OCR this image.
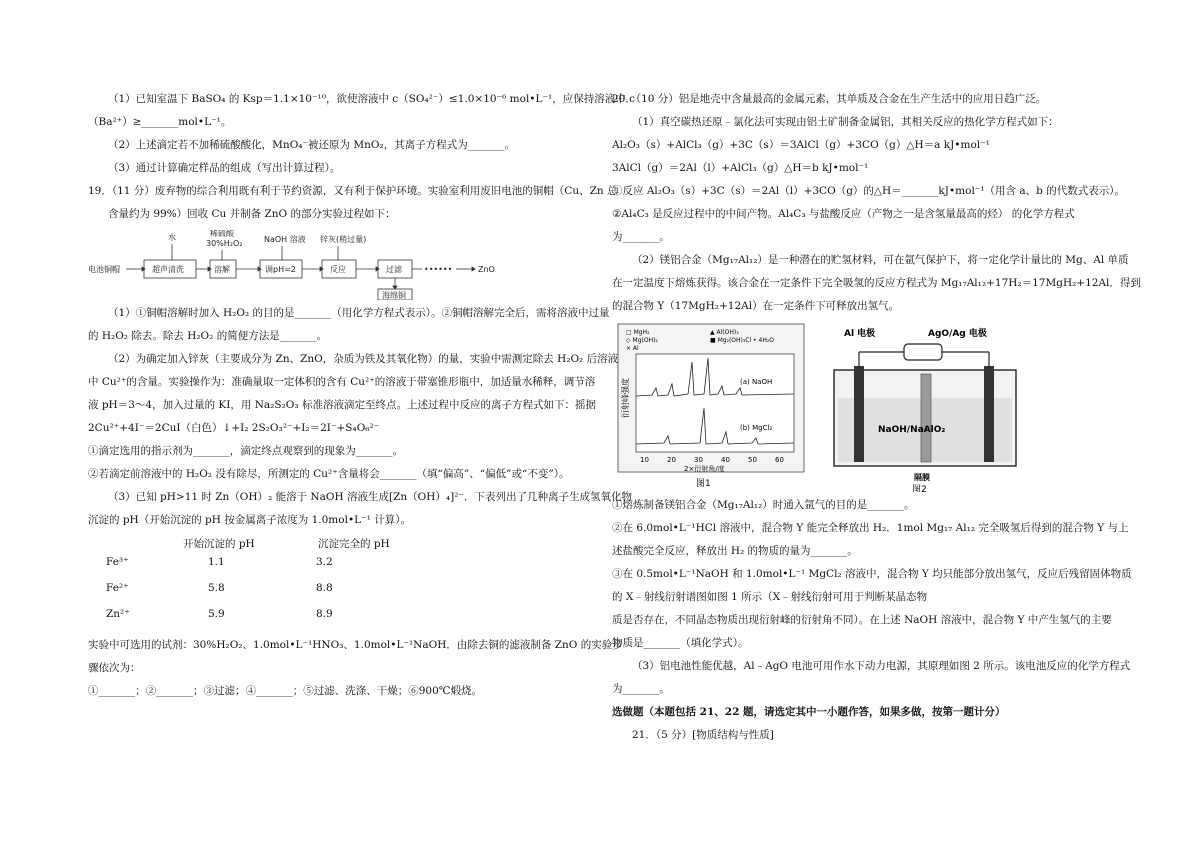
（1）已知室温下 BaSO₄ 的 Ksp＝1.1×10⁻¹⁰，欲使溶液中 c（SO₄²⁻）≤1.0×10⁻⁶ mol•L⁻¹，应保持溶液中 c
（Ba²⁺）≥_______mol•L⁻¹。
（2）上述滴定若不加稀硫酸酸化，MnO₄⁻被还原为 MnO₂，其离子方程式为_______。
（3）通过计算确定样品的组成（写出计算过程）。
19．（11 分）废弃物的综合利用既有利于节约资源，又有利于保护环境。实验室利用废旧电池的铜帽（Cu、Zn 总
含量约为 99%）回收 Cu 并制备 ZnO 的部分实验过程如下：
水	稀硫酸
30%H₂O₂	NaOH 溶液 锌灰(稍过量)
电池铜帽	超声清洗	溶解	调pH=2	反应	过滤	••••••	ZnO
海绵铜
（1）①铜帽溶解时加入 H₂O₂ 的目的是_______（用化学方程式表示）。②铜帽溶解完全后，需将溶液中过量
的 H₂O₂ 除去。除去 H₂O₂ 的简便方法是_______。
（2）为确定加入锌灰（主要成分为 Zn、ZnO，杂质为铁及其氧化物）的量，实验中需测定除去 H₂O₂ 后溶液
中 Cu²⁺的含量。实验操作为：准确量取一定体积的含有 Cu²⁺的溶液于带塞锥形瓶中，加适量水稀释，调节溶
液 pH＝3～4，加入过量的 KI，用 Na₂S₂O₃ 标准溶液滴定至终点。上述过程中反应的离子方程式如下：摇据
2Cu²⁺+4I⁻＝2CuI（白色）↓+I₂ 2S₂O₃²⁻+I₂＝2I⁻+S₄O₆²⁻
①滴定选用的指示剂为_______，滴定终点观察到的现象为_______。
②若滴定前溶液中的 H₂O₂ 没有除尽，所测定的 Cu²⁺含量将会_______（填“偏高”、“偏低”或“不变”）。
（3）已知 pH>11 时 Zn（OH）₂ 能溶于 NaOH 溶液生成[Zn（OH）₄]²⁻．下表列出了几种离子生成氢氧化物
沉淀的 pH（开始沉淀的 pH 按金属离子浓度为 1.0mol•L⁻¹ 计算）。
开始沉淀的 pH	沉淀完全的 pH
Fe³⁺	1.1	3.2
Fe²⁺	5.8	8.8
Zn²⁺	5.9	8.9
实验中可选用的试剂：30%H₂O₂、1.0mol•L⁻¹HNO₃、1.0mol•L⁻¹NaOH．由除去铜的滤液制备 ZnO 的实验步
骤依次为：
①_______；②_______；③过滤；④_______；⑤过滤、洗涤、干燥；⑥900℃煅烧。
20．（10 分）铝是地壳中含量最高的金属元素，其单质及合金在生产生活中的应用日趋广泛。
（1）真空碳热还原﹣氯化法可实现由铝土矿制备金属铝，其相关反应的热化学方程式如下：
Al₂O₃（s）+AlCl₃（g）+3C（s）＝3AlCl（g）+3CO（g）△H＝a kJ•mol⁻¹
3AlCl（g）＝2Al（l）+AlCl₃（g）△H＝b kJ•mol⁻¹
①反应 Al₂O₃（s）+3C（s）＝2Al（l）+3CO（g）的△H＝_______kJ•mol⁻¹（用含 a、b 的代数式表示）。
②Al₄C₃ 是反应过程中的中间产物。Al₄C₃ 与盐酸反应（产物之一是含氢量最高的烃） 的化学方程式
为_______。
（2）镁铝合金（Mg₁₇Al₁₂）是一种潜在的贮氢材料，可在氩气保护下，将一定化学计量比的 Mg、Al 单质
在一定温度下熔炼获得。该合金在一定条件下完全吸氢的反应方程式为 Mg₁₇Al₁₂+17H₂＝17MgH₂+12Al．得到
的混合物 Y（17MgH₂+12Al）在一定条件下可释放出氢气。
□ MgH₂	▲ Al(OH)₃
◇ Mg(OH)₂	■ Mg₂(OH)₃Cl • 4H₂O
× Al
衍射峰强度	(a) NaOH
(b) MgCl₂
10	20	30	40	50	60
2×衍射角/度
图1
Al 电极	AgO/Ag 电极
NaOH/NaAlO₂
隔膜
图2
①熔炼制备镁铝合金（Mg₁₇Al₁₂）时通入氩气的目的是_______。
②在 6.0mol•L⁻¹HCl 溶液中，混合物 Y 能完全释放出 H₂．1mol Mg₁₇ Al₁₂ 完全吸氢后得到的混合物 Y 与上
述盐酸完全反应，释放出 H₂ 的物质的量为_______。
③在 0.5mol•L⁻¹NaOH 和 1.0mol•L⁻¹ MgCl₂ 溶液中，混合物 Y 均只能部分放出氢气，反应后残留固体物质
的 X﹣射线衍射谱图如图 1 所示（X﹣射线衍射可用于判断某晶态物
质是否存在，不同晶态物质出现衍射峰的衍射角不同）。在上述 NaOH 溶液中，混合物 Y 中产生氢气的主要
物质是_______（填化学式）。
（3）铝电池性能优越，Al﹣AgO 电池可用作水下动力电源，其原理如图 2 所示。该电池反应的化学方程式
为_______。
选做题（本题包括 21、22 题，请选定其中一小题作答，如果多做，按第一题计分）
21．（5 分）[物质结构与性质]
